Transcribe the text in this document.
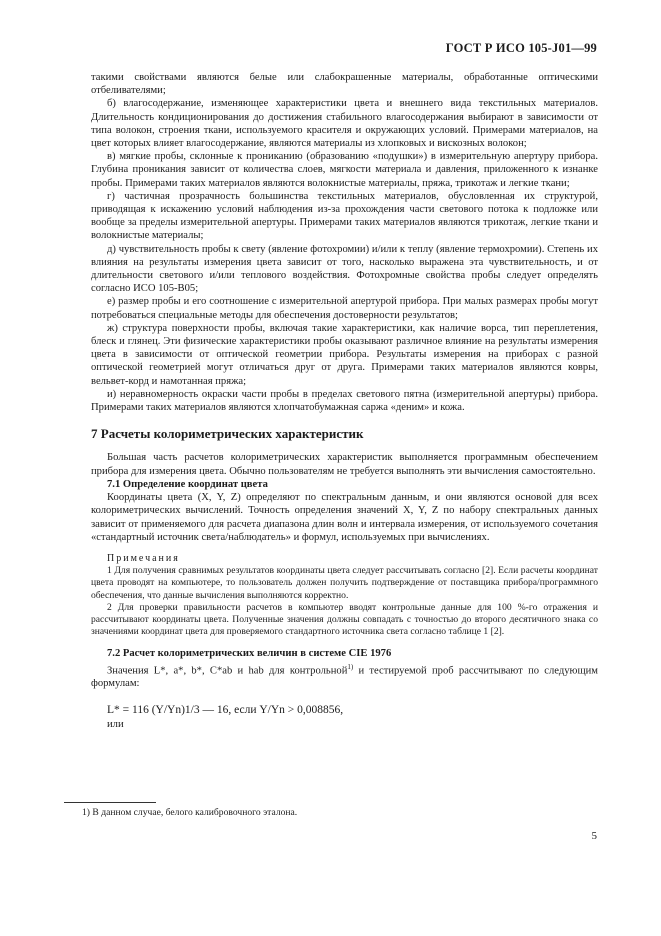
ГОСТ Р ИСО 105-J01—99

такими свойствами являются белые или слабокрашенные материалы, обработанные оптическими отбеливателями;

б) влагосодержание, изменяющее характеристики цвета и внешнего вида текстильных материалов. Длительность кондиционирования до достижения стабильного влагосодержания выбирают в зависимости от типа волокон, строения ткани, используемого красителя и окружающих условий. Примерами материалов, на цвет которых влияет влагосодержание, являются материалы из хлопковых и вискозных волокон;

в) мягкие пробы, склонные к прониканию (образованию «подушки») в измерительную апертуру прибора. Глубина проникания зависит от количества слоев, мягкости материала и давления, приложенного к изнанке пробы. Примерами таких материалов являются волокнистые материалы, пряжа, трикотаж и легкие ткани;

г) частичная прозрачность большинства текстильных материалов, обусловленная их структурой, приводящая к искажению условий наблюдения из-за прохождения части светового потока к подложке или вообще за пределы измерительной апертуры. Примерами таких материалов являются трикотаж, легкие ткани и волокнистые материалы;

д) чувствительность пробы к свету (явление фотохромии) и/или к теплу (явление термохромии). Степень их влияния на результаты измерения цвета зависит от того, насколько выражена эта чувствительность, и от длительности светового и/или теплового воздействия. Фотохромные свойства пробы следует определять согласно ИСО 105-B05;

е) размер пробы и его соотношение с измерительной апертурой прибора. При малых размерах пробы могут потребоваться специальные методы для обеспечения достоверности результатов;

ж) структура поверхности пробы, включая такие характеристики, как наличие ворса, тип переплетения, блеск и глянец. Эти физические характеристики пробы оказывают различное влияние на результаты измерения цвета в зависимости от оптической геометрии прибора. Результаты измерения на приборах с разной оптической геометрией могут отличаться друг от друга. Примерами таких материалов являются ковры, вельвет-корд и намотанная пряжа;

и) неравномерность окраски части пробы в пределах светового пятна (измерительной апертуры) прибора. Примерами таких материалов являются хлопчатобумажная саржа «деним» и кожа.

7 Расчеты колориметрических характеристик

Большая часть расчетов колориметрических характеристик выполняется программным обеспечением прибора для измерения цвета. Обычно пользователям не требуется выполнять эти вычисления самостоятельно.

7.1 Определение координат цвета

Координаты цвета (X, Y, Z) определяют по спектральным данным, и они являются основой для всех колориметрических вычислений. Точность определения значений X, Y, Z по набору спектральных данных зависит от применяемого для расчета диапазона длин волн и интервала измерения, от используемого сочетания «стандартный источник света/наблюдатель» и формул, используемых при вычислениях.

Примечания

1 Для получения сравнимых результатов координаты цвета следует рассчитывать согласно [2]. Если расчеты координат цвета проводят на компьютере, то пользователь должен получить подтверждение от поставщика прибора/программного обеспечения, что данные вычисления выполняются корректно.

2 Для проверки правильности расчетов в компьютер вводят контрольные данные для 100 %-го отражения и рассчитывают координаты цвета. Полученные значения должны совпадать с точностью до второго десятичного знака со значениями координат цвета для проверяемого стандартного источника света согласно таблице 1 [2].

7.2 Расчет колориметрических величин в системе CIE 1976

Значения L*, a*, b*, C*ab и hab для контрольной$^{1)}$ и тестируемой проб рассчитывают по следующим формулам:

L* = 116 (Y/Yn)1/3 — 16, если Y/Yn > 0,008856,

или

1) В данном случае, белого калибровочного эталона.
5
